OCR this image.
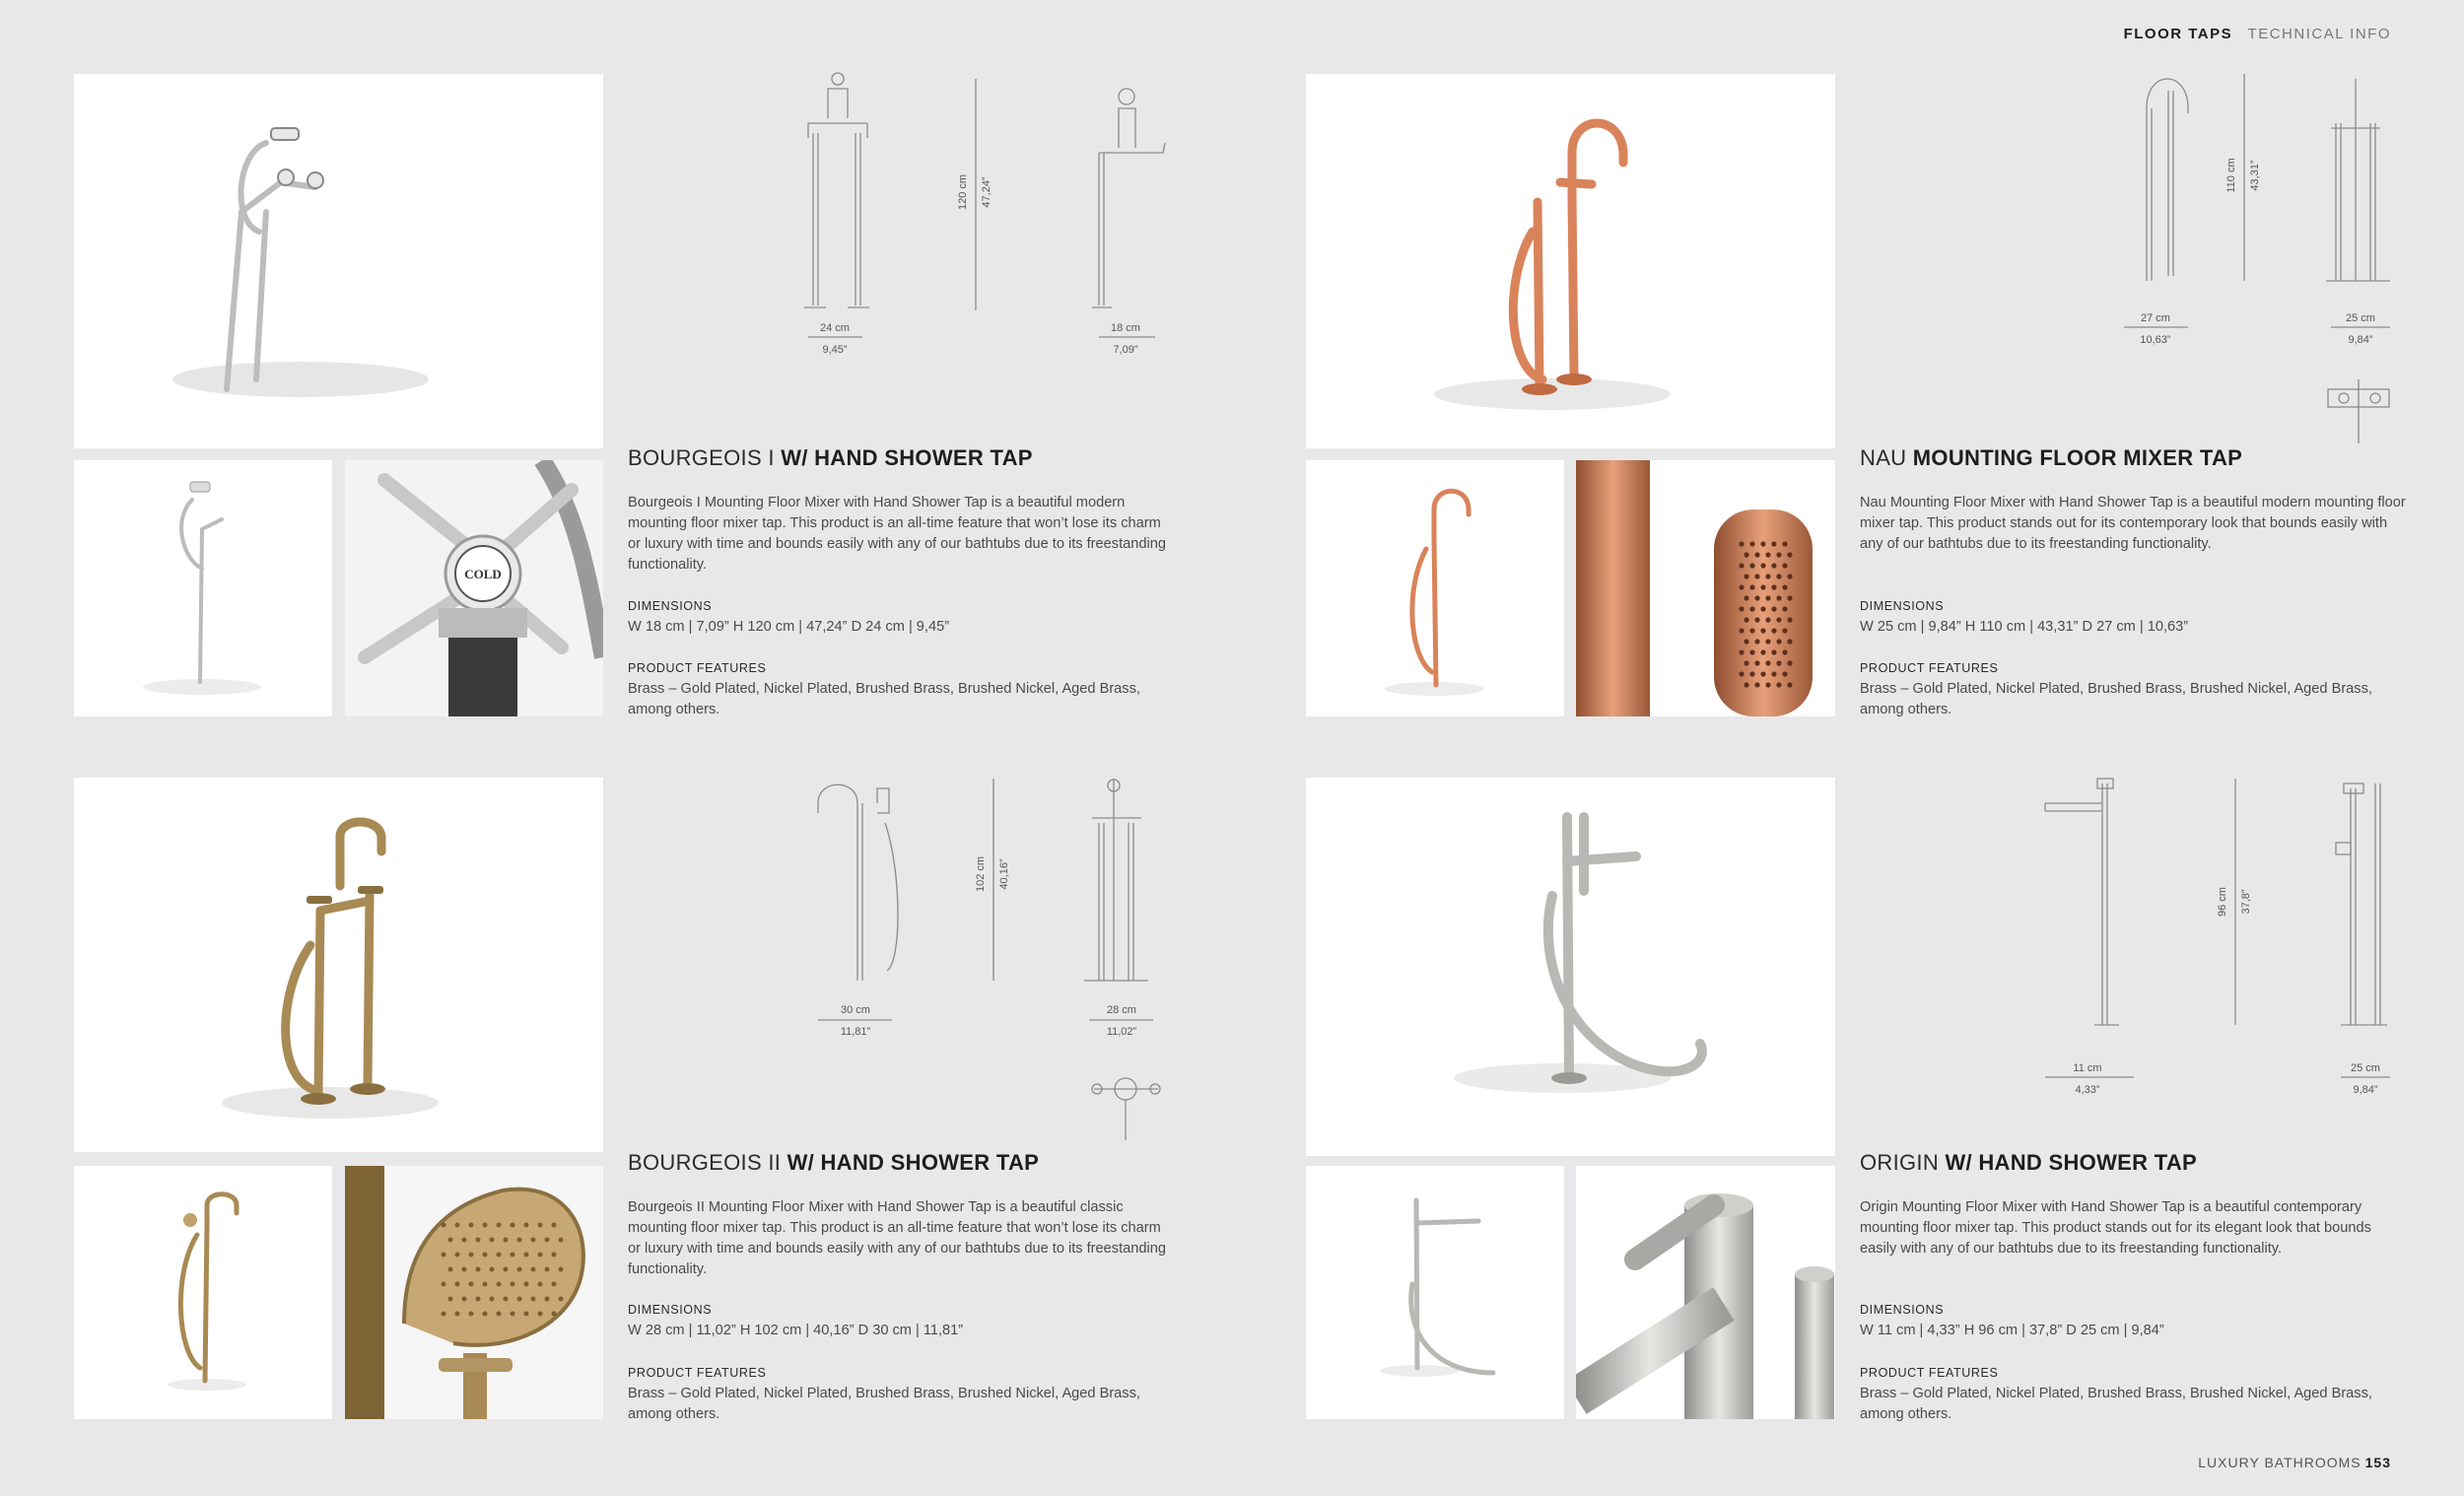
FLOOR TAPS TECHNICAL INFO
COLD
24 cm
9,45”
18 cm
7,09”
120 cm 47,24”
BOURGEOIS I W/ HAND SHOWER TAP
Bourgeois I Mounting Floor Mixer with Hand Shower Tap is a beautiful modern mounting floor mixer tap. This product is an all-time feature that won’t lose its charm or luxury with time and bounds easily with any of our bathtubs due to its freestanding functionality.
DIMENSIONS
W 18 cm | 7,09” H 120 cm | 47,24” D 24 cm | 9,45”
PRODUCT FEATURES
Brass – Gold Plated, Nickel Plated, Brushed Brass, Brushed Nickel, Aged Brass, among others.
27 cm
10,63”
25 cm
9,84”
110 cm 43,31”
NAU MOUNTING FLOOR MIXER TAP
Nau Mounting Floor Mixer with Hand Shower Tap is a beautiful modern mounting floor mixer tap. This product stands out for its contemporary look that bounds easily with any of our bathtubs due to its freestanding functionality.
DIMENSIONS
W 25 cm | 9,84” H 110 cm | 43,31” D 27 cm | 10,63”
PRODUCT FEATURES
Brass – Gold Plated, Nickel Plated, Brushed Brass, Brushed Nickel, Aged Brass, among others.
30 cm
11,81”
28 cm
11,02”
102 cm 40,16”
BOURGEOIS II W/ HAND SHOWER TAP
Bourgeois II Mounting Floor Mixer with Hand Shower Tap is a beautiful classic mounting floor mixer tap. This product is an all-time feature that won’t lose its charm or luxury with time and bounds easily with any of our bathtubs due to its freestanding functionality.
DIMENSIONS
W 28 cm | 11,02” H 102 cm | 40,16” D 30 cm | 11,81”
PRODUCT FEATURES
Brass – Gold Plated, Nickel Plated, Brushed Brass, Brushed Nickel, Aged Brass, among others.
11 cm
4,33”
25 cm
9,84”
96 cm 37,8”
ORIGIN W/ HAND SHOWER TAP
Origin Mounting Floor Mixer with Hand Shower Tap is a beautiful contemporary mounting floor mixer tap. This product stands out for its elegant look that bounds easily with any of our bathtubs due to its freestanding functionality.
DIMENSIONS
W 11 cm | 4,33” H 96 cm | 37,8” D 25 cm | 9,84”
PRODUCT FEATURES
Brass – Gold Plated, Nickel Plated, Brushed Brass, Brushed Nickel, Aged Brass, among others.
LUXURY BATHROOMS 153
